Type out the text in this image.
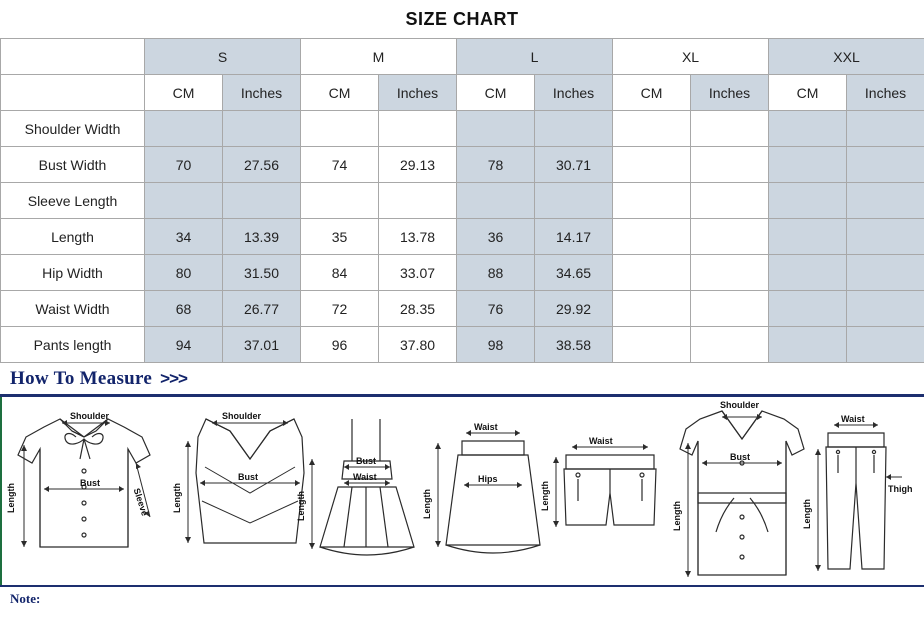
SIZE CHART
	S		M		L		XL		XXL	
	CM	Inches	CM	Inches	CM	Inches	CM	Inches	CM	Inches
Shoulder Width										
Bust Width	70	27.56	74	29.13	78	30.71				
Sleeve Length										
Length	34	13.39	35	13.78	36	14.17				
Hip Width	80	31.50	84	33.07	88	34.65				
Waist Width	68	26.77	72	28.35	76	29.92				
Pants length	94	37.01	96	37.80	98	38.58				
How To Measure >>>
Shoulder
Bust
Sleeve
Length
Shoulder
Bust
Length
Bust
Waist
Length
Waist
Hips
Length
Waist
Length
Shoulder
Bust
Length
Waist
Thigh
Length
Note:
